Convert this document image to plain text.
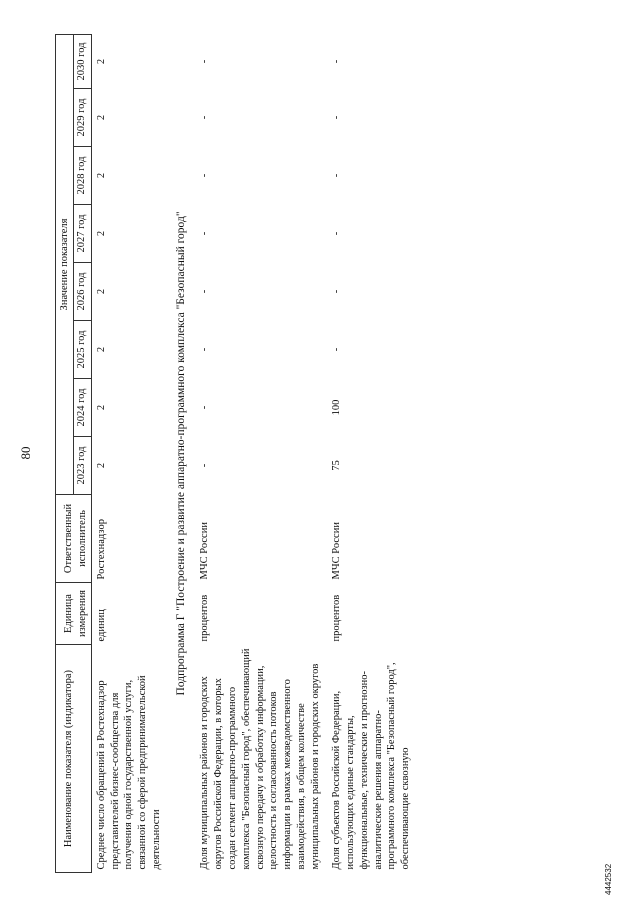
80
Наименование показателя (индикатора)	Единица измерения	Ответственный исполнитель	Значение показателя							
			2023 год	2024 год	2025 год	2026 год	2027 год	2028 год	2029 год	2030 год
Среднее число обращений в Ростехнадзор представителей бизнес-сообщества для получения одной государственной услуги, связанной со сферой предпринимательской деятельности	единиц	Ростехнадзор	2	2	2	2	2	2	2	2
Подпрограмма Г "Построение и развитие аппаратно-программного комплекса "Безопасный город"										
Доля муниципальных районов и городских округов Российской Федерации, в которых создан сегмент аппаратно-программного комплекса "Безопасный город", обеспечивающий сквозную передачу и обработку информации, целостность и согласованность потоков информации в рамках межведомственного взаимодействия, в общем количестве муниципальных районов и городских округов	процентов	МЧС России	-	-	-	-	-	-	-	-
Доля субъектов Российской Федерации, использующих единые стандарты, функциональные, технические и прогнозно-аналитические решения аппаратно-программного комплекса "Безопасный город", обеспечивающие сквозную	процентов	МЧС России	75	100	-	-	-	-	-	-
4442532
